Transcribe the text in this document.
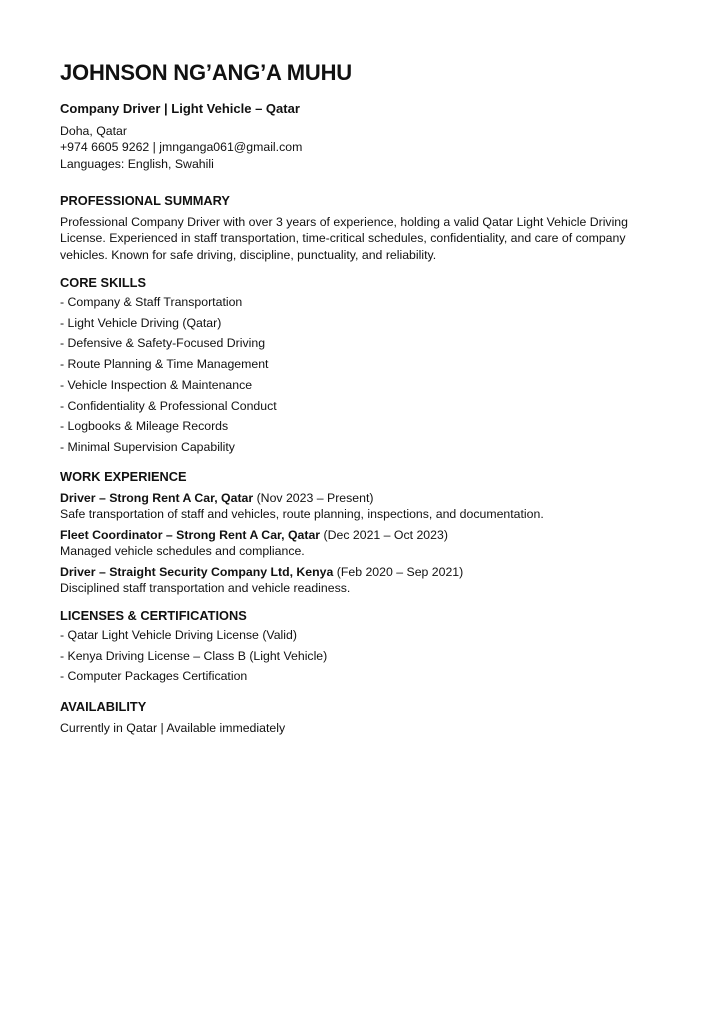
JOHNSON NG’ANG’A MUHU
Company Driver | Light Vehicle – Qatar
Doha, Qatar
+974 6605 9262 | jmnganga061@gmail.com
Languages: English, Swahili
PROFESSIONAL SUMMARY
Professional Company Driver with over 3 years of experience, holding a valid Qatar Light Vehicle Driving License. Experienced in staff transportation, time-critical schedules, confidentiality, and care of company vehicles. Known for safe driving, discipline, punctuality, and reliability.
CORE SKILLS
- Company & Staff Transportation
- Light Vehicle Driving (Qatar)
- Defensive & Safety-Focused Driving
- Route Planning & Time Management
- Vehicle Inspection & Maintenance
- Confidentiality & Professional Conduct
- Logbooks & Mileage Records
- Minimal Supervision Capability
WORK EXPERIENCE
Driver – Strong Rent A Car, Qatar (Nov 2023 – Present)
Safe transportation of staff and vehicles, route planning, inspections, and documentation.
Fleet Coordinator – Strong Rent A Car, Qatar (Dec 2021 – Oct 2023)
Managed vehicle schedules and compliance.
Driver – Straight Security Company Ltd, Kenya (Feb 2020 – Sep 2021)
Disciplined staff transportation and vehicle readiness.
LICENSES & CERTIFICATIONS
- Qatar Light Vehicle Driving License (Valid)
- Kenya Driving License – Class B (Light Vehicle)
- Computer Packages Certification
AVAILABILITY
Currently in Qatar | Available immediately
